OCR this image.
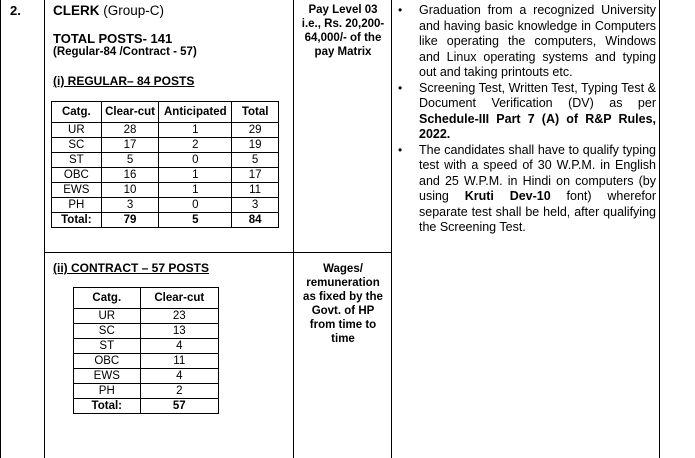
2. CLERK (Group-C)
TOTAL POSTS- 141
(Regular-84 /Contract - 57)
(i) REGULAR– 84 POSTS
Catg.	Clear-cut	Anticipated	Total
UR	28	1	29
SC	17	2	19
ST	5	0	5
OBC	16	1	17
EWS	10	1	11
PH	3	0	3
Total:	79	5	84
(ii) CONTRACT – 57 POSTS
Catg.	Clear-cut
UR	23
SC	13
ST	4
OBC	11
EWS	4
PH	2
Total:	57
Pay Level 03
i.e., Rs. 20,200-
64,000/- of the
pay Matrix
Wages/
remuneration
as fixed by the
Govt. of HP
from time to
time

• Graduation from a recognized University and having basic knowledge in Computers like operating the computers, Windows and Linux operating systems and typing out and taking printouts etc.

• Screening Test, Written Test, Typing Test & Document Verification (DV) as per Schedule-III Part 7 (A) of R&P Rules, 2022.

• The candidates shall have to qualify typing test with a speed of 30 W.P.M. in English and 25 W.P.M. in Hindi on computers (by using Kruti Dev-10 font) wherefor separate test shall be held, after qualifying the Screening Test.
